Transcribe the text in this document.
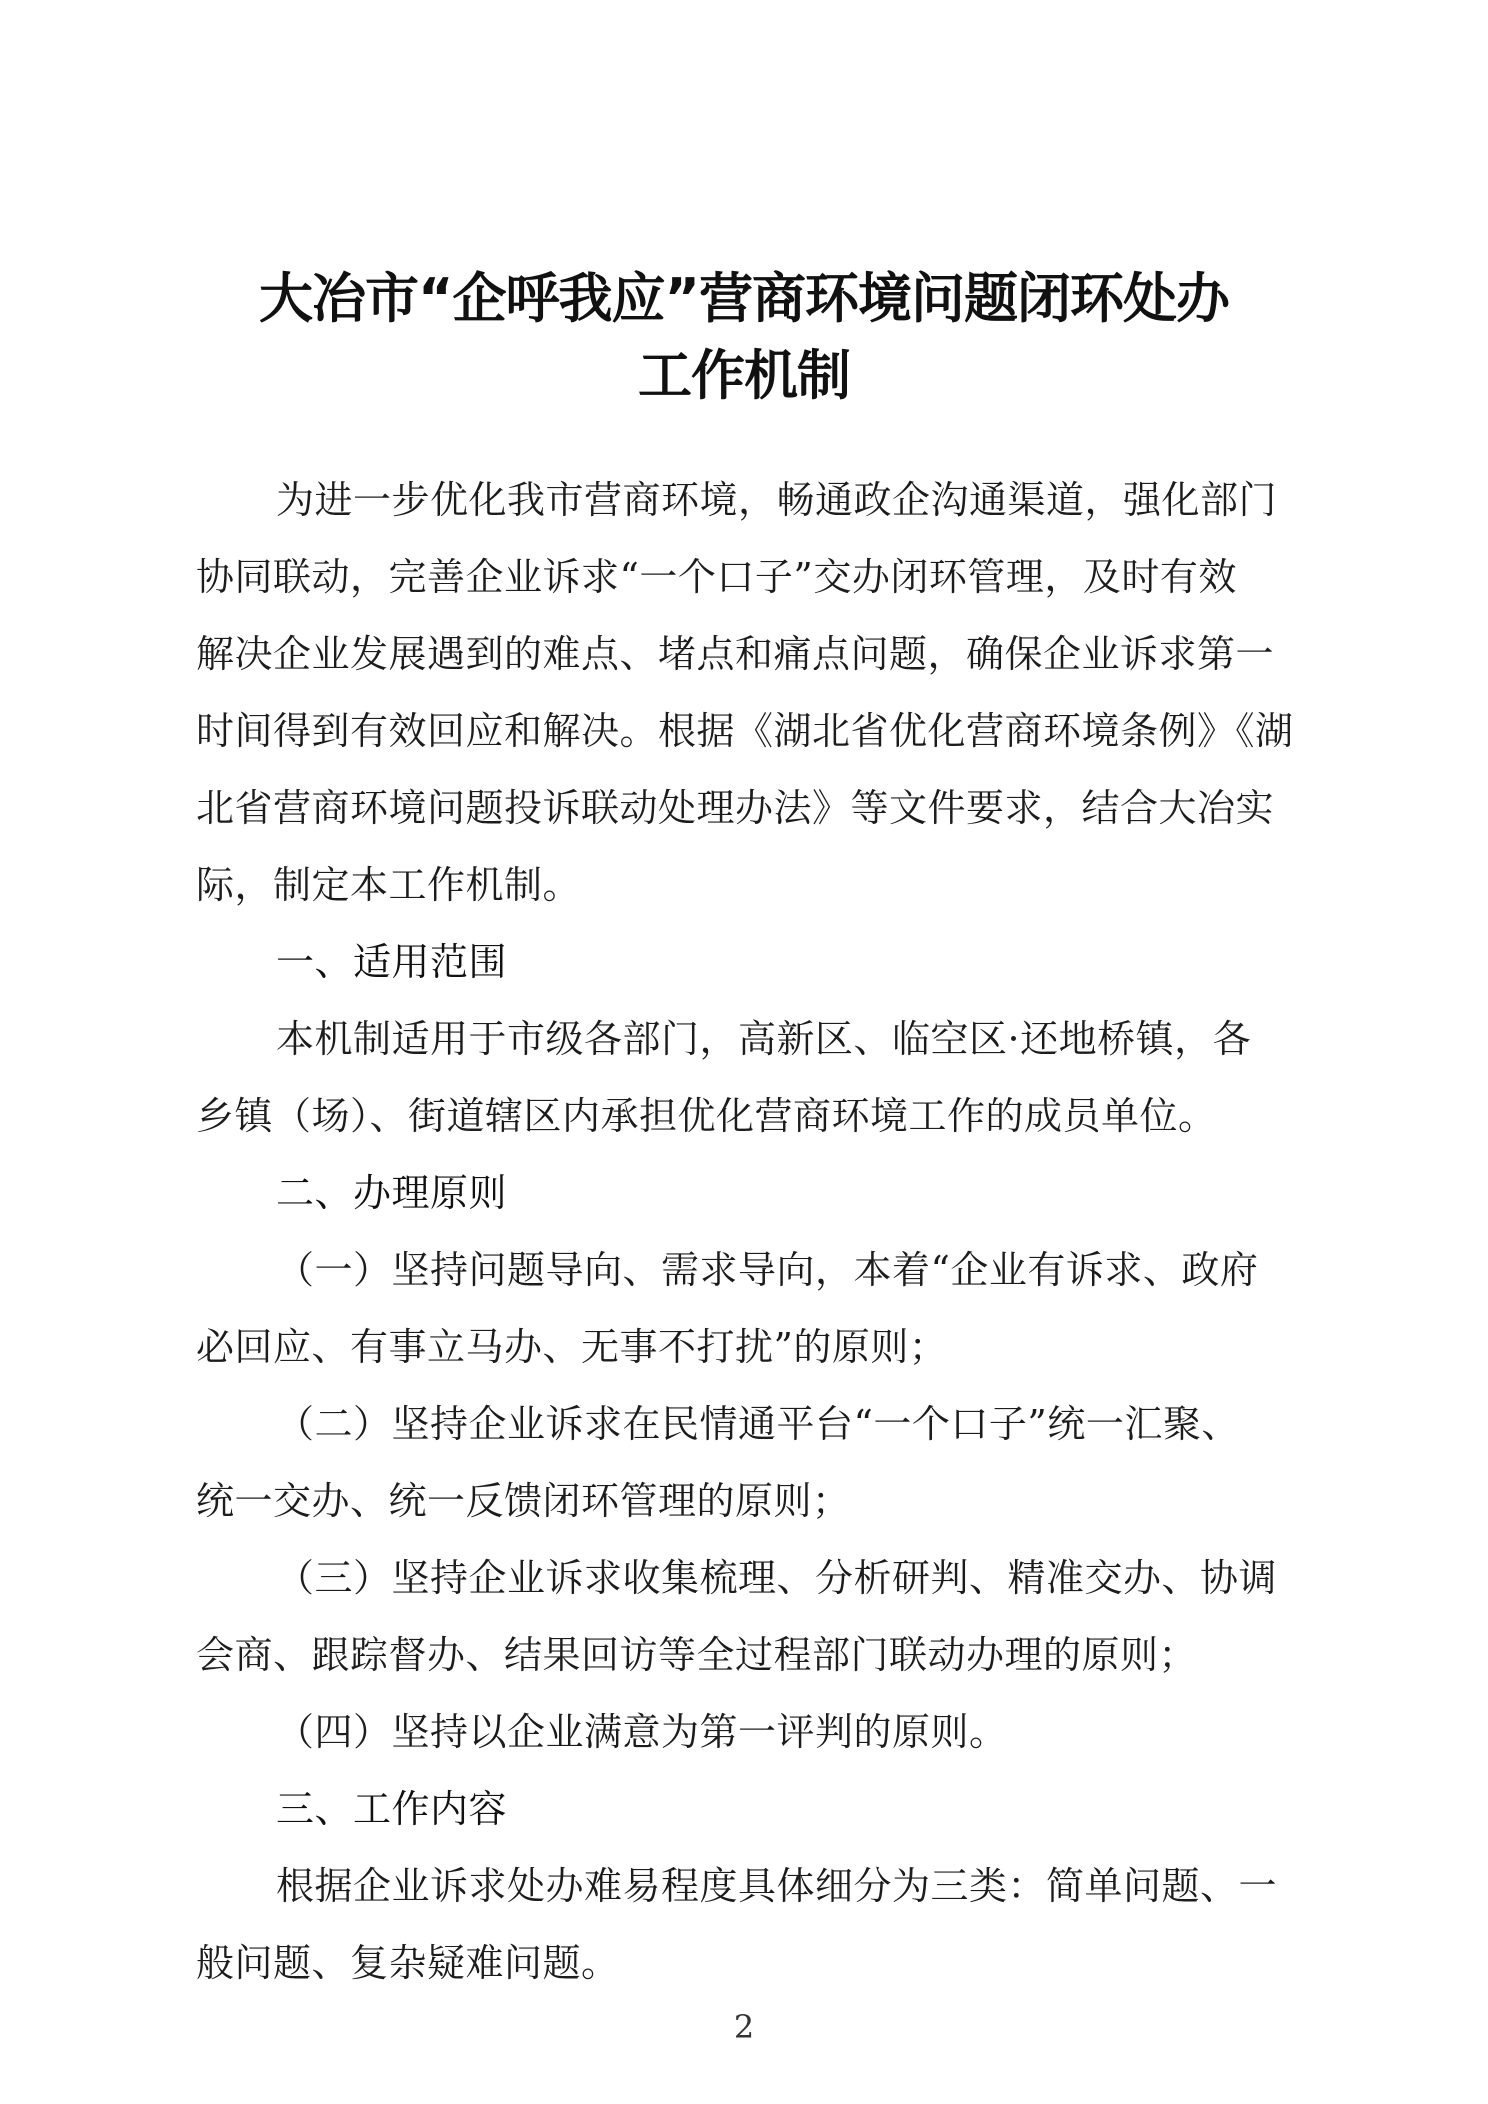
大冶市“企呼我应”营商环境问题闭环处办
工作机制
为进一步优化我市营商环境，畅通政企沟通渠道，强化部门
协同联动，完善企业诉求“一个口子”交办闭环管理，及时有效
解决企业发展遇到的难点、堵点和痛点问题，确保企业诉求第一
时间得到有效回应和解决。根据《湖北省优化营商环境条例》《湖
北省营商环境问题投诉联动处理办法》等文件要求，结合大冶实
际，制定本工作机制。
一、适用范围
本机制适用于市级各部门，高新区、临空区·还地桥镇，各
乡镇（场）、街道辖区内承担优化营商环境工作的成员单位。
二、办理原则
（一）坚持问题导向、需求导向，本着“企业有诉求、政府
必回应、有事立马办、无事不打扰”的原则；
（二）坚持企业诉求在民情通平台“一个口子”统一汇聚、
统一交办、统一反馈闭环管理的原则；
（三）坚持企业诉求收集梳理、分析研判、精准交办、协调
会商、跟踪督办、结果回访等全过程部门联动办理的原则；
（四）坚持以企业满意为第一评判的原则。
三、工作内容
根据企业诉求处办难易程度具体细分为三类：简单问题、一
般问题、复杂疑难问题。
2
